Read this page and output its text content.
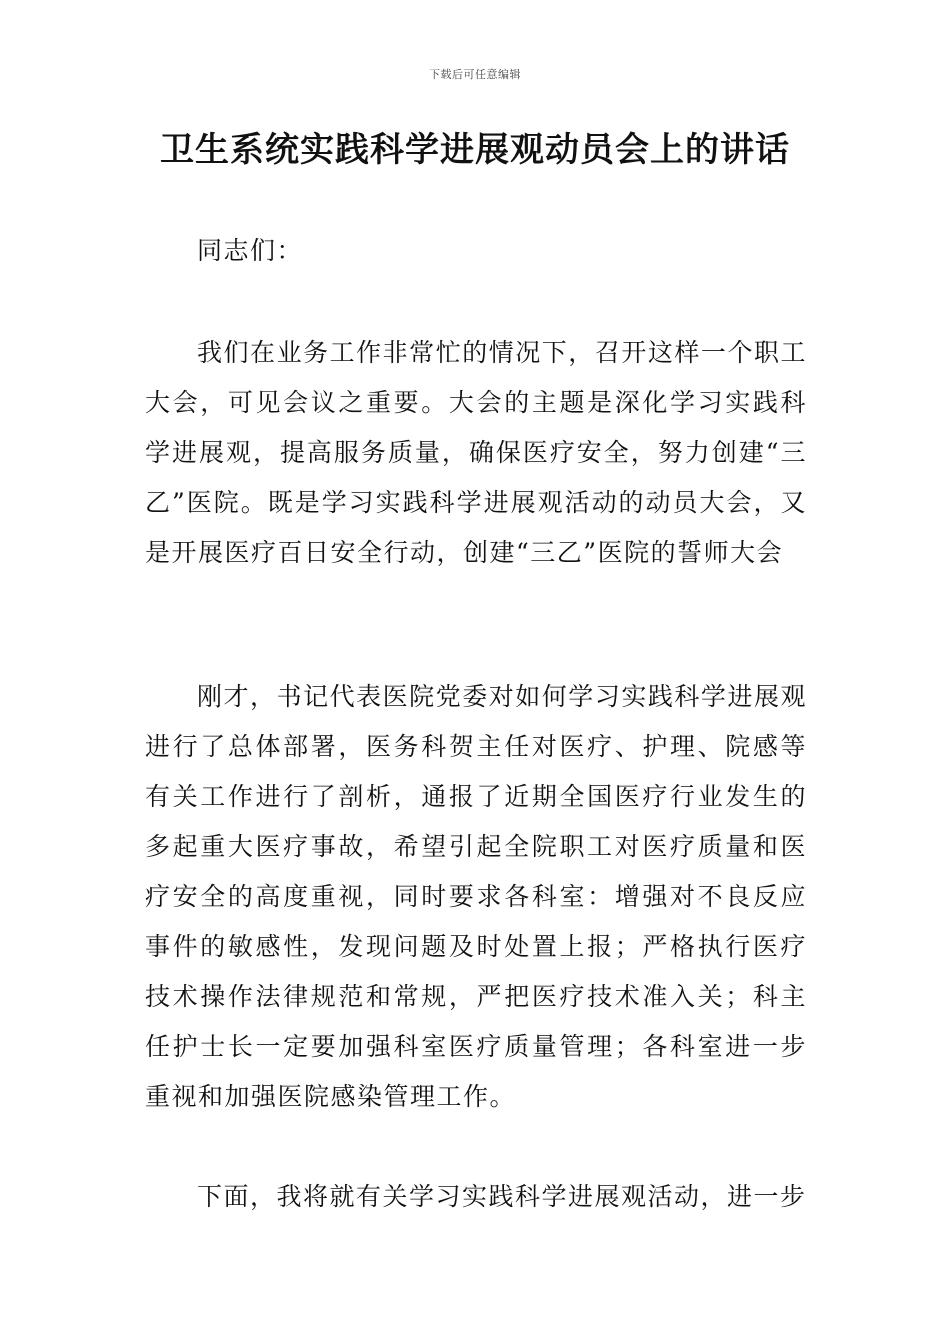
下载后可任意编辑
卫生系统实践科学进展观动员会上的讲话

同志们：

我们在业务工作非常忙的情况下，召开这样一个职工大会，可见会议之重要。大会的主题是深化学习实践科学进展观，提高服务质量，确保医疗安全，努力创建“三乙”医院。既是学习实践科学进展观活动的动员大会，又是开展医疗百日安全行动，创建“三乙”医院的誓师大会

刚才，书记代表医院党委对如何学习实践科学进展观进行了总体部署，医务科贺主任对医疗、护理、院感等有关工作进行了剖析，通报了近期全国医疗行业发生的多起重大医疗事故，希望引起全院职工对医疗质量和医疗安全的高度重视，同时要求各科室：增强对不良反应事件的敏感性，发现问题及时处置上报；严格执行医疗技术操作法律规范和常规，严把医疗技术准入关；科主任护士长一定要加强科室医疗质量管理；各科室进一步重视和加强医院感染管理工作。

下面，我将就有关学习实践科学进展观活动，进一步
